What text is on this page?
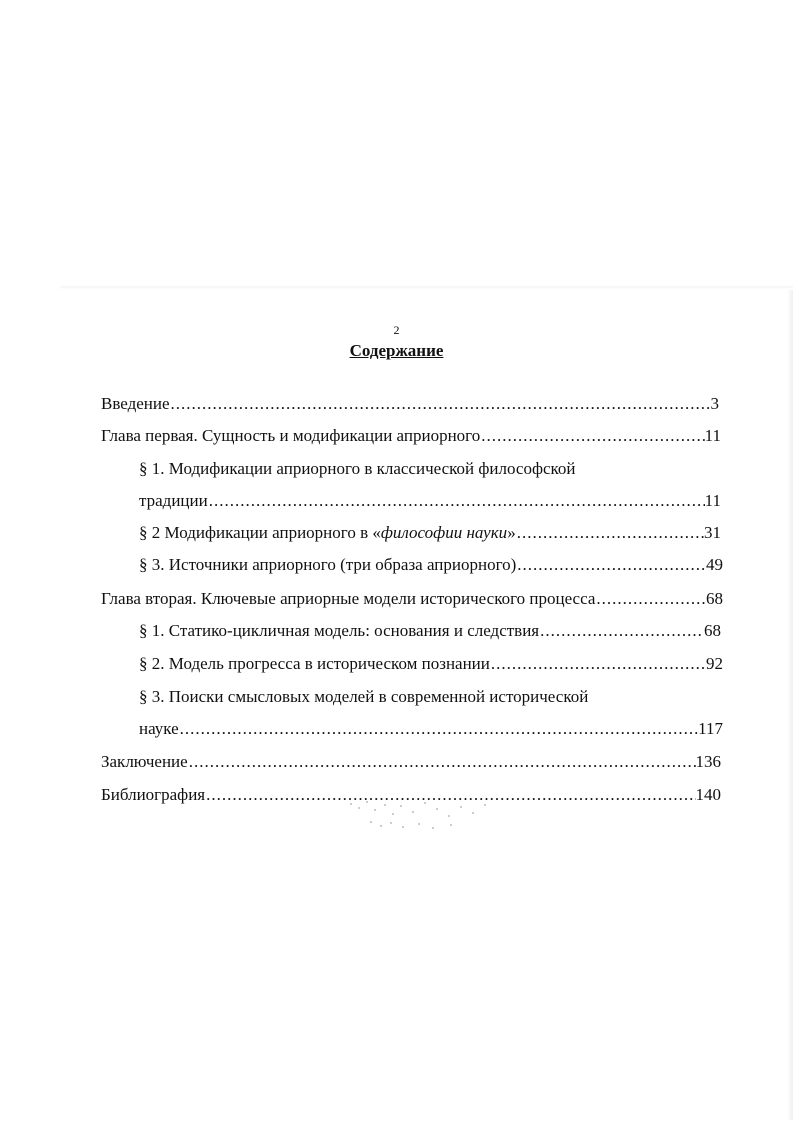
2
Содержание
Введение .....	3
Глава первая. Сущность и модификации априорного .....	11
§ 1. Модификации априорного в классической философской
традиции .....	11
§ 2 Модификации априорного в «философии науки» .....	31
§ 3. Источники априорного (три образа априорного) .....	49
Глава вторая. Ключевые априорные модели исторического процесса .....	68
§ 1. Статико-цикличная модель: основания и следствия .....	68
§ 2. Модель прогресса в историческом познании .....	92
§ 3. Поиски смысловых моделей в современной исторической
науке .....	117
Заключение .....	136
Библиография .....	140
